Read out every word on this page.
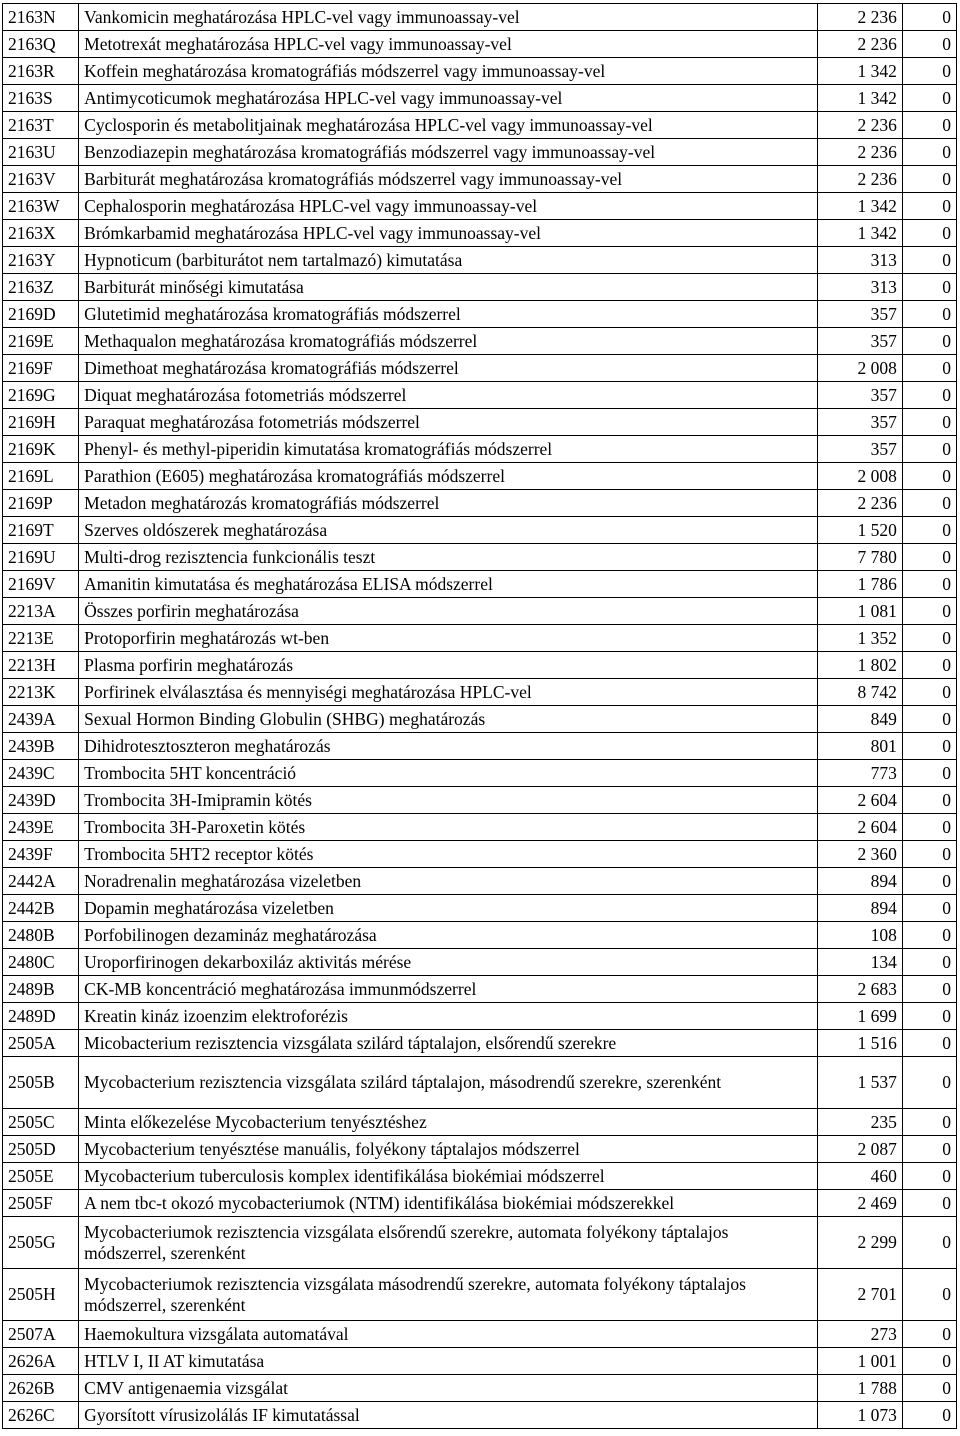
2163N	Vankomicin meghatározása HPLC-vel vagy immunoassay-vel	2 236	0
2163Q	Metotrexát meghatározása HPLC-vel vagy immunoassay-vel	2 236	0
2163R	Koffein meghatározása kromatográfiás módszerrel vagy immunoassay-vel	1 342	0
2163S	Antimycoticumok meghatározása HPLC-vel vagy immunoassay-vel	1 342	0
2163T	Cyclosporin és metabolitjainak meghatározása HPLC-vel vagy immunoassay-vel	2 236	0
2163U	Benzodiazepin meghatározása kromatográfiás módszerrel vagy immunoassay-vel	2 236	0
2163V	Barbiturát meghatározása kromatográfiás módszerrel vagy immunoassay-vel	2 236	0
2163W	Cephalosporin meghatározása HPLC-vel vagy immunoassay-vel	1 342	0
2163X	Brómkarbamid meghatározása HPLC-vel vagy immunoassay-vel	1 342	0
2163Y	Hypnoticum (barbiturátot nem tartalmazó) kimutatása	313	0
2163Z	Barbiturát minőségi kimutatása	313	0
2169D	Glutetimid meghatározása kromatográfiás módszerrel	357	0
2169E	Methaqualon meghatározása kromatográfiás módszerrel	357	0
2169F	Dimethoat meghatározása kromatográfiás módszerrel	2 008	0
2169G	Diquat meghatározása fotometriás módszerrel	357	0
2169H	Paraquat meghatározása fotometriás módszerrel	357	0
2169K	Phenyl- és methyl-piperidin kimutatása kromatográfiás módszerrel	357	0
2169L	Parathion (E605) meghatározása kromatográfiás módszerrel	2 008	0
2169P	Metadon meghatározás kromatográfiás módszerrel	2 236	0
2169T	Szerves oldószerek meghatározása	1 520	0
2169U	Multi-drog rezisztencia funkcionális teszt	7 780	0
2169V	Amanitin kimutatása és meghatározása ELISA módszerrel	1 786	0
2213A	Összes porfirin meghatározása	1 081	0
2213E	Protoporfirin meghatározás wt-ben	1 352	0
2213H	Plasma porfirin meghatározás	1 802	0
2213K	Porfirinek elválasztása és mennyiségi meghatározása HPLC-vel	8 742	0
2439A	Sexual Hormon Binding Globulin (SHBG) meghatározás	849	0
2439B	Dihidrotesztoszteron meghatározás	801	0
2439C	Trombocita 5HT koncentráció	773	0
2439D	Trombocita 3H-Imipramin kötés	2 604	0
2439E	Trombocita 3H-Paroxetin kötés	2 604	0
2439F	Trombocita 5HT2 receptor kötés	2 360	0
2442A	Noradrenalin meghatározása vizeletben	894	0
2442B	Dopamin meghatározása vizeletben	894	0
2480B	Porfobilinogen dezamináz meghatározása	108	0
2480C	Uroporfirinogen dekarboxiláz aktivitás mérése	134	0
2489B	CK-MB koncentráció meghatározása immunmódszerrel	2 683	0
2489D	Kreatin kináz izoenzim elektroforézis	1 699	0
2505A	Micobacterium rezisztencia vizsgálata szilárd táptalajon, elsőrendű szerekre	1 516	0
2505B	Mycobacterium rezisztencia vizsgálata szilárd táptalajon, másodrendű szerekre, szerenként	1 537	0
2505C	Minta előkezelése Mycobacterium tenyésztéshez	235	0
2505D	Mycobacterium tenyésztése manuális, folyékony táptalajos módszerrel	2 087	0
2505E	Mycobacterium tuberculosis komplex identifikálása biokémiai módszerrel	460	0
2505F	A nem tbc-t okozó mycobacteriumok (NTM) identifikálása biokémiai módszerekkel	2 469	0
2505G	Mycobacteriumok rezisztencia vizsgálata elsőrendű szerekre, automata folyékony táptalajos módszerrel, szerenként	2 299	0
2505H	Mycobacteriumok rezisztencia vizsgálata másodrendű szerekre, automata folyékony táptalajos módszerrel, szerenként	2 701	0
2507A	Haemokultura vizsgálata automatával	273	0
2626A	HTLV I, II AT kimutatása	1 001	0
2626B	CMV antigenaemia vizsgálat	1 788	0
2626C	Gyorsított vírusizolálás IF kimutatással	1 073	0
